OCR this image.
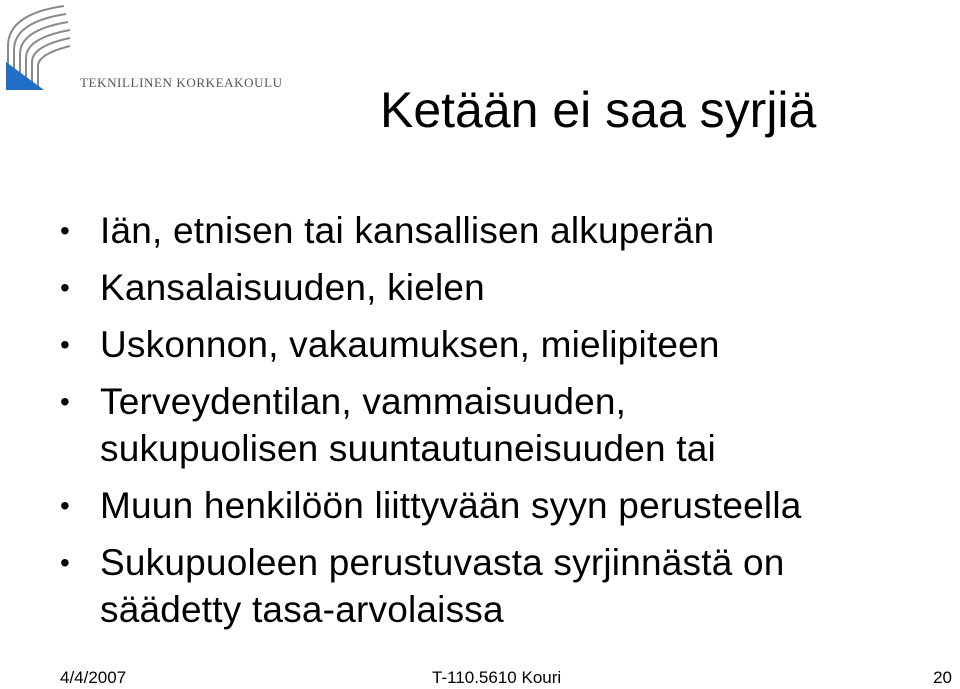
TEKNILLINEN KORKEAKOULU Ketään ei saa syrjiä
• Iän, etnisen tai kansallisen alkuperän
• Kansalaisuuden, kielen
• Uskonnon, vakaumuksen, mielipiteen
• Terveydentilan, vammaisuuden,
sukupuolisen suuntautuneisuuden tai
• Muun henkilöön liittyvään syyn perusteella
• Sukupuoleen perustuvasta syrjinnästä on
säädetty tasa-arvolaissa
4/4/2007	T-110.5610 Kouri	20
